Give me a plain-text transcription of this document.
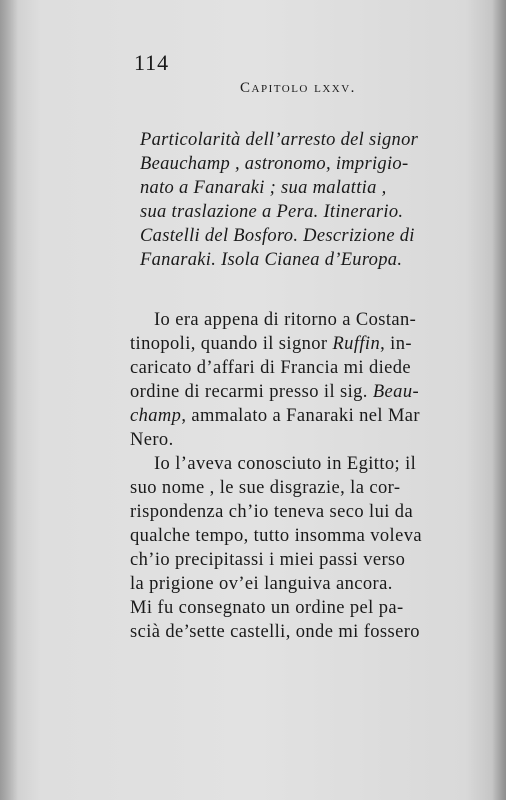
114
Capitolo lxxv.
Particolarità dell’arresto del signor
Beauchamp , astronomo, imprigio-
nato a Fanaraki ; sua malattia ,
sua traslazione a Pera. Itinerario.
Castelli del Bosforo. Descrizione di
Fanaraki. Isola Cianea d’Europa.
Io era appena di ritorno a Costan-
tinopoli, quando il signor Ruffin, in-
caricato d’affari di Francia mi diede
ordine di recarmi presso il sig. Beau-
champ, ammalato a Fanaraki nel Mar
Nero.
Io l’aveva conosciuto in Egitto; il
suo nome , le sue disgrazie, la cor-
rispondenza ch’io teneva seco lui da
qualche tempo, tutto insomma voleva
ch’io precipitassi i miei passi verso
la prigione ov’ei languiva ancora.
Mi fu consegnato un ordine pel pa-
scià de’sette castelli, onde mi fossero
